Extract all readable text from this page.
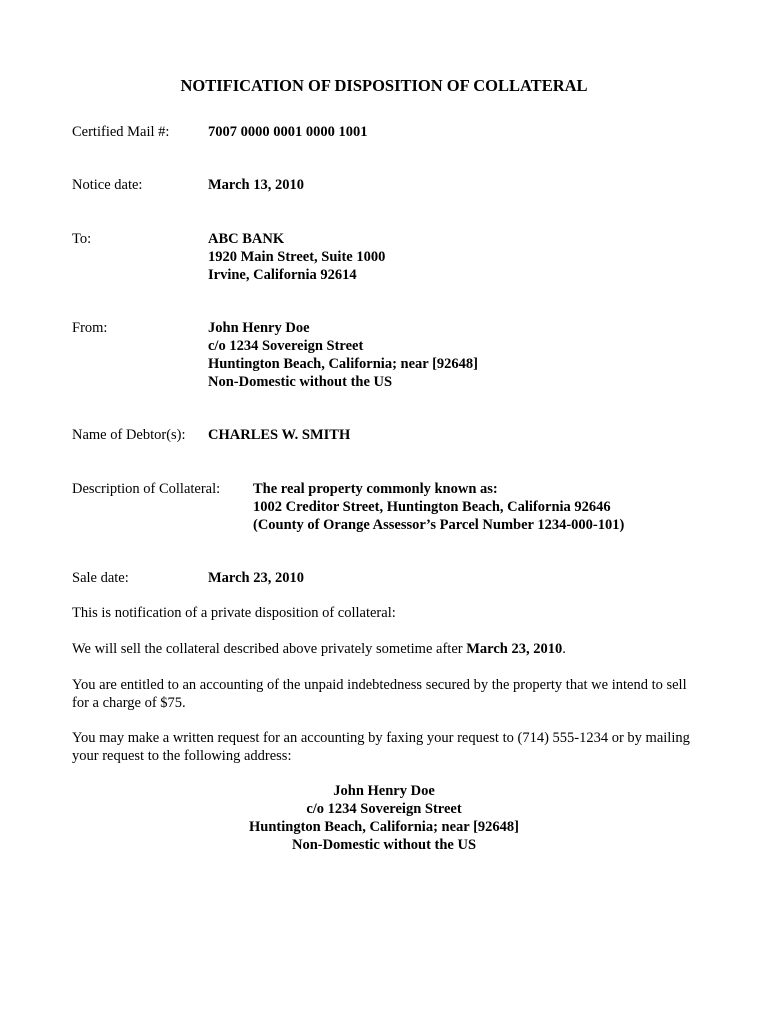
NOTIFICATION OF DISPOSITION OF COLLATERAL
Certified Mail #:	7007 0000 0001 0000 1001
Notice date:	March 13, 2010
To:	ABC BANK
1920 Main Street, Suite 1000
Irvine, California 92614
From:	John Henry Doe
c/o 1234 Sovereign Street
Huntington Beach, California; near [92648]
Non-Domestic without the US
Name of Debtor(s): CHARLES W. SMITH
Description of Collateral: The real property commonly known as:
1002 Creditor Street, Huntington Beach, California 92646
(County of Orange Assessor’s Parcel Number 1234-000-101)
Sale date:	March 23, 2010
This is notification of a private disposition of collateral:
We will sell the collateral described above privately sometime after March 23, 2010.
You are entitled to an accounting of the unpaid indebtedness secured by the property that we intend to sell for a charge of $75.
You may make a written request for an accounting by faxing your request to (714) 555-1234 or by mailing your request to the following address:
John Henry Doe
c/o 1234 Sovereign Street
Huntington Beach, California; near [92648]
Non-Domestic without the US
